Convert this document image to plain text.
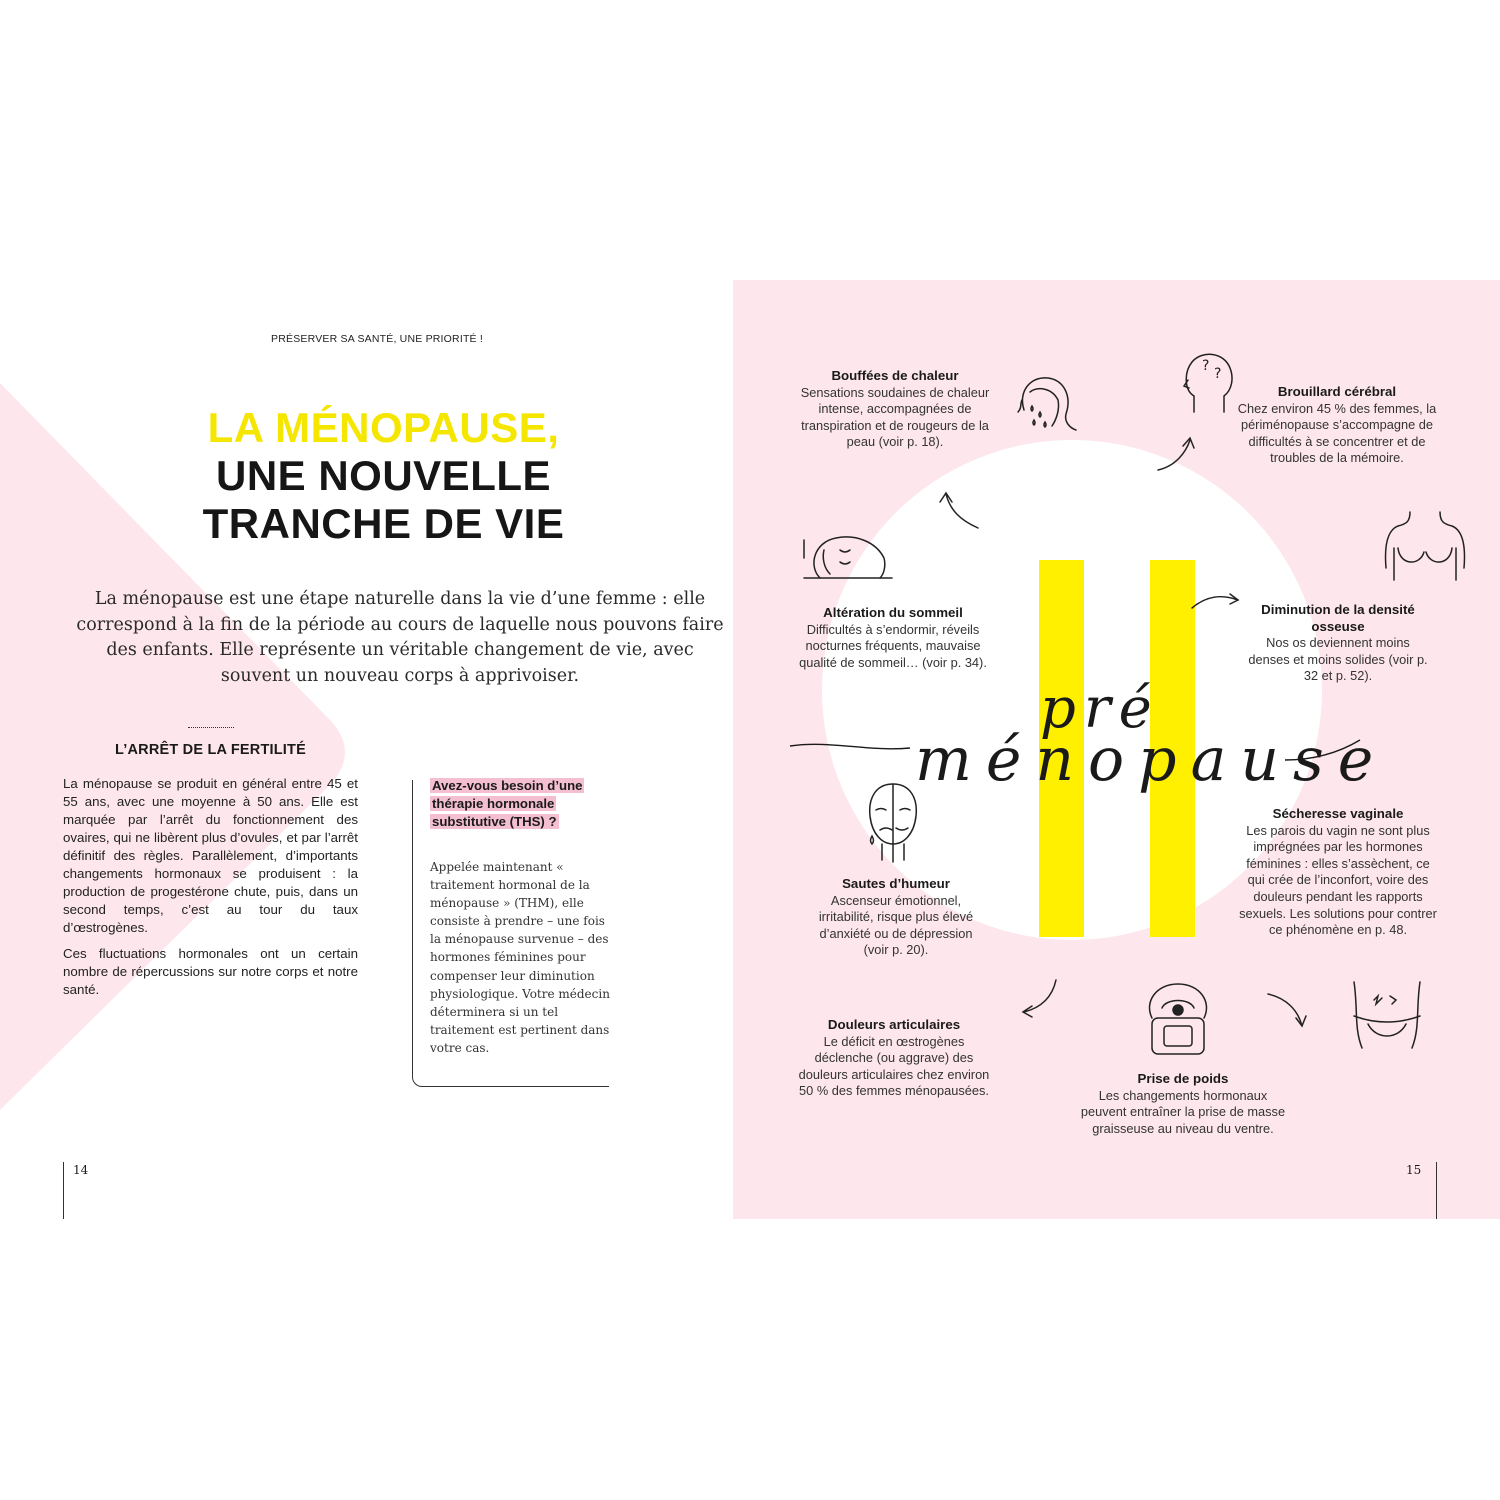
PRÉSERVER SA SANTÉ, UNE PRIORITÉ !
LA MÉNOPAUSE,
UNE NOUVELLE
TRANCHE DE VIE
La ménopause est une étape naturelle dans la vie d’une femme : elle correspond à la fin de la période au cours de laquelle nous pouvons faire des enfants. Elle représente un véritable changement de vie, avec souvent un nouveau corps à apprivoiser.
L’ARRÊT DE LA FERTILITÉ

La ménopause se produit en général entre 45 et 55 ans, avec une moyenne à 50 ans. Elle est marquée par l’arrêt du fonctionnement des ovaires, qui ne libèrent plus d’ovules, et par l’arrêt définitif des règles. Parallèlement, d’importants changements hormonaux se produisent : la production de progestérone chute, puis, dans un second temps, c’est au tour du taux d’œstrogènes.

Ces fluctuations hormonales ont un certain nombre de répercussions sur notre corps et notre santé.

Avez-vous besoin d’une thérapie hormonale substitutive (THS) ?
Appelée maintenant « traitement hormonal de la ménopause » (THM), elle consiste à prendre – une fois la ménopause survenue – des hormones féminines pour compenser leur diminution physiologique. Votre médecin déterminera si un tel traitement est pertinent dans votre cas.
14
pré
ménopause
Bouffées de chaleur
Sensations soudaines de chaleur intense, accompagnées de transpiration et de rougeurs de la peau (voir p. 18).
Brouillard cérébral
Chez environ 45 % des femmes, la périménopause s’accompagne de difficultés à se concentrer et de troubles de la mémoire.
Altération du sommeil
Difficultés à s’endormir, réveils nocturnes fréquents, mauvaise qualité de sommeil… (voir p. 34).
Diminution de la densité osseuse
Nos os deviennent moins denses et moins solides (voir p. 32 et p. 52).
Sautes d’humeur
Ascenseur émotionnel, irritabilité, risque plus élevé d’anxiété ou de dépression (voir p. 20).
Sécheresse vaginale
Les parois du vagin ne sont plus imprégnées par les hormones féminines : elles s’assèchent, ce qui crée de l’inconfort, voire des douleurs pendant les rapports sexuels. Les solutions pour contrer ce phénomène en p. 48.
Douleurs articulaires
Le déficit en œstrogènes déclenche (ou aggrave) des douleurs articulaires chez environ 50 % des femmes ménopausées.
Prise de poids
Les changements hormonaux peuvent entraîner la prise de masse graisseuse au niveau du ventre.
? ?
15
